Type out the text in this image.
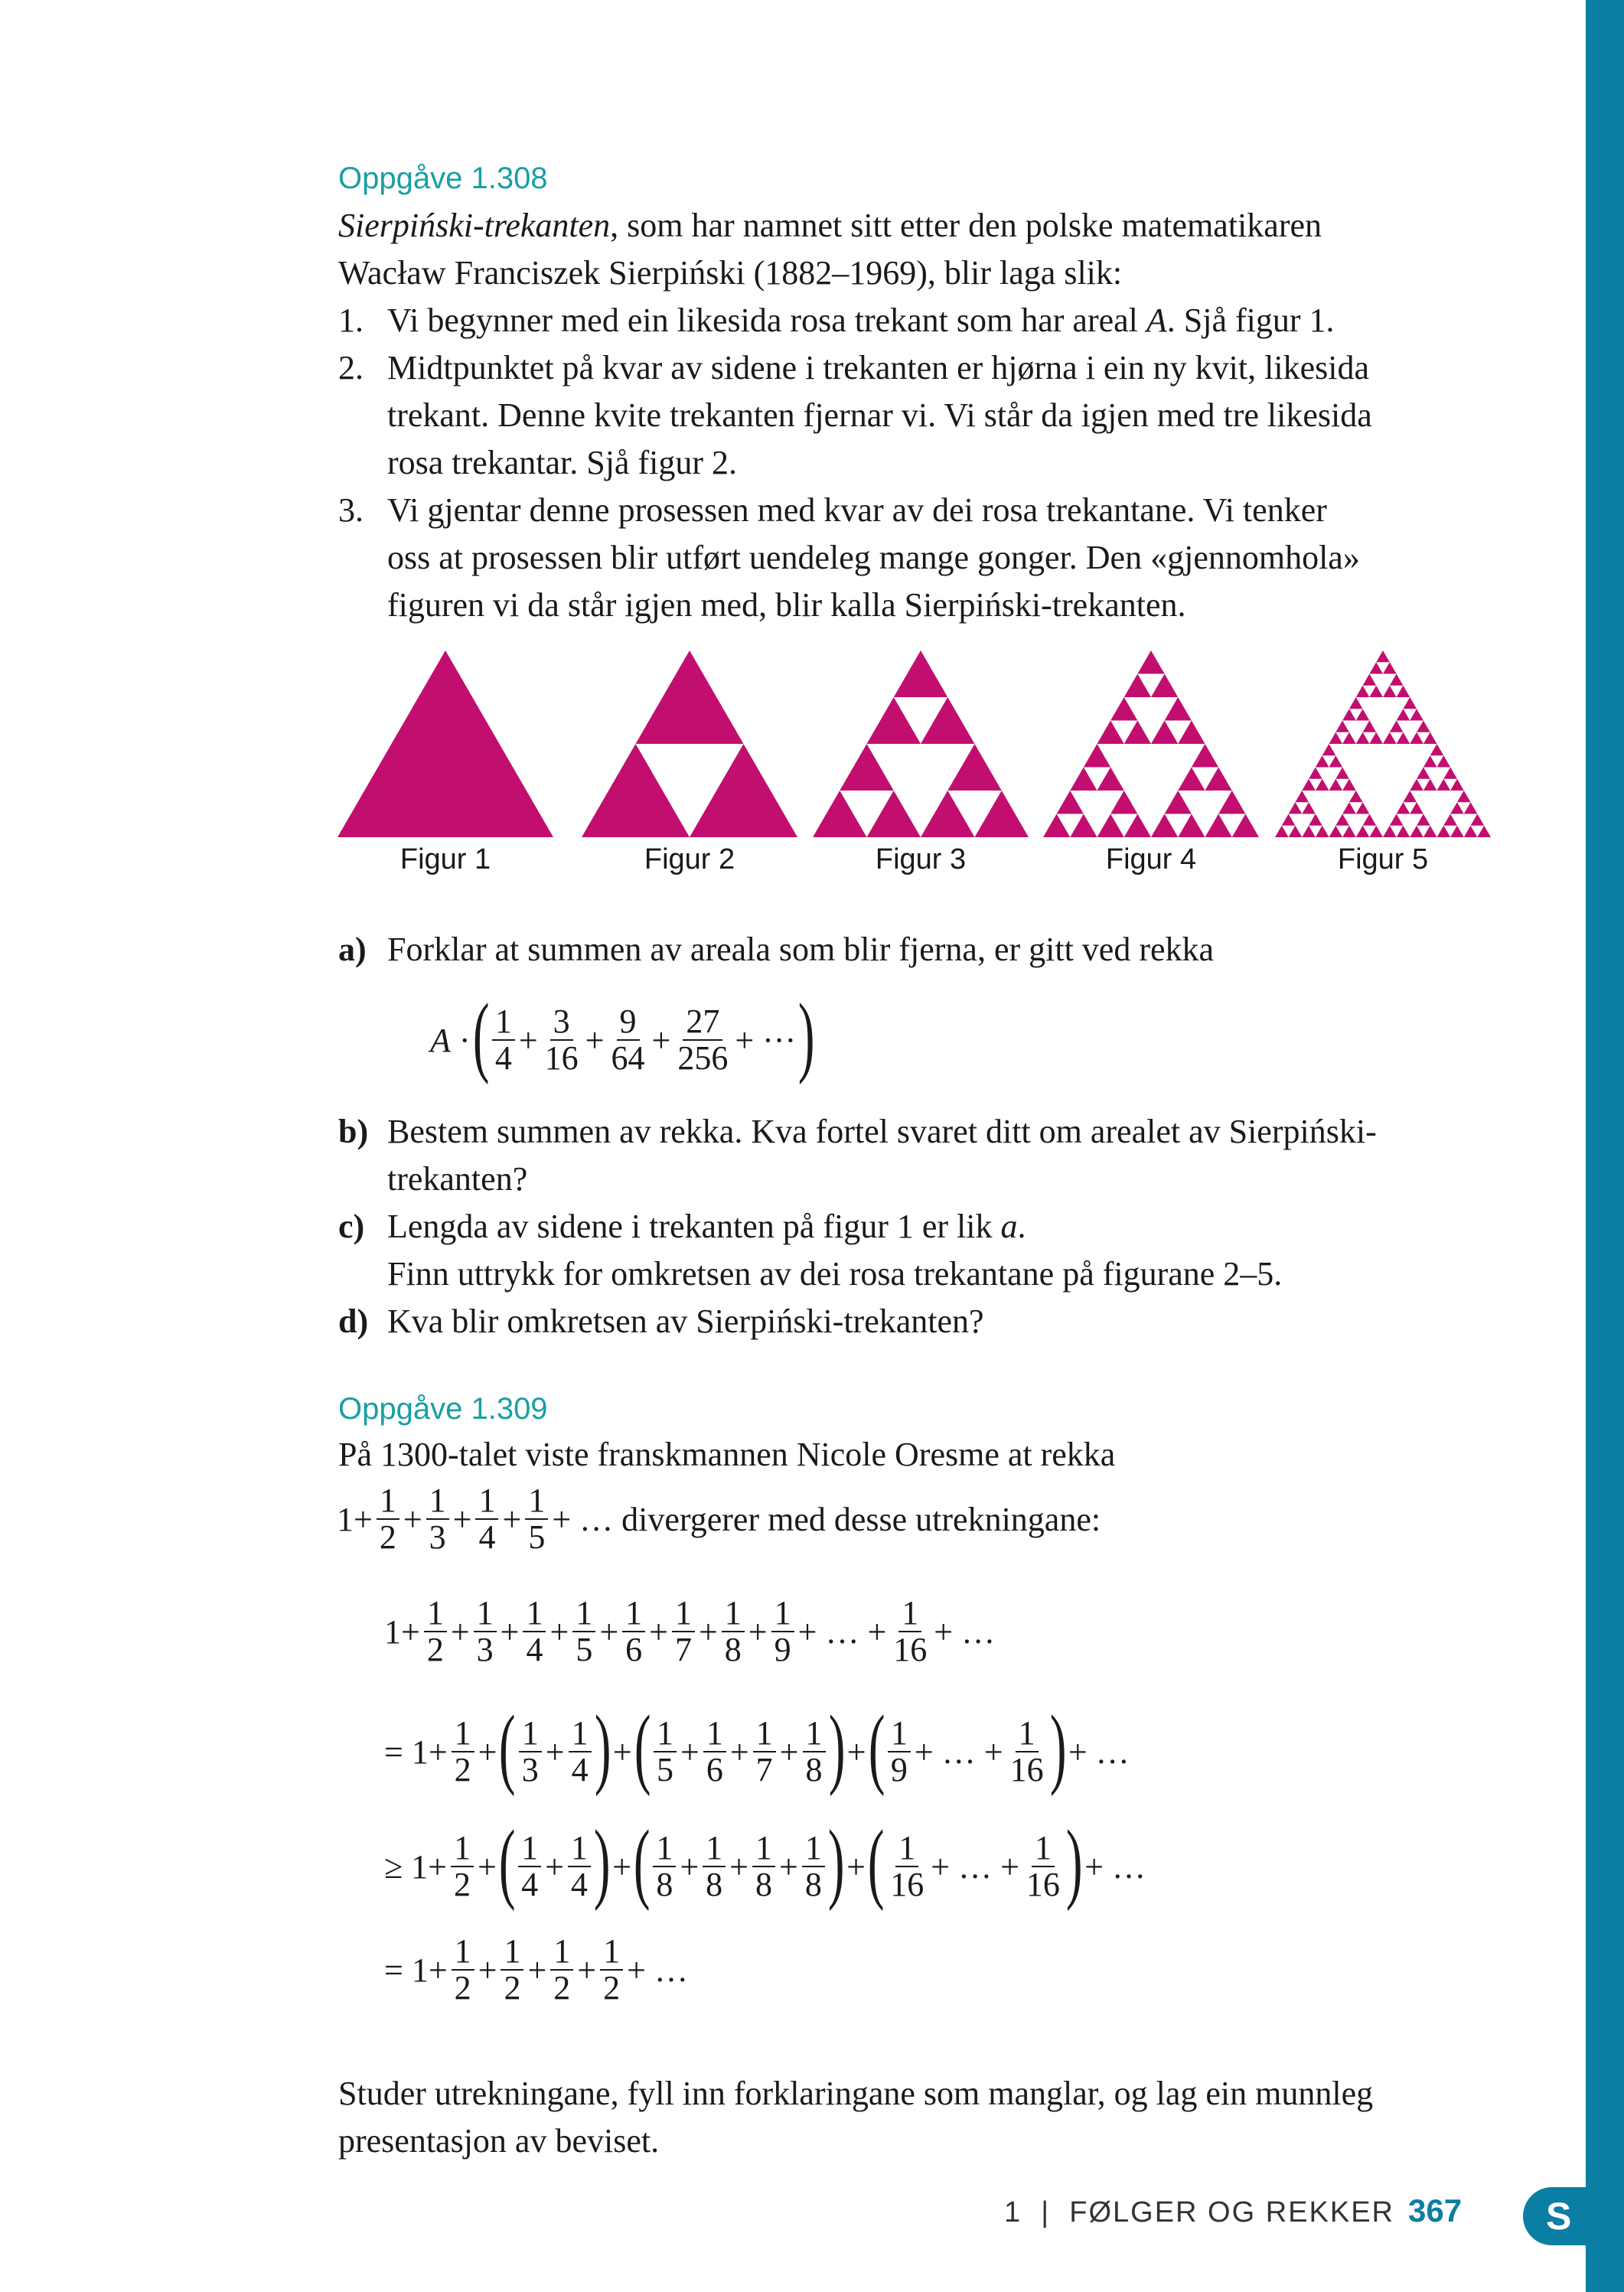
Oppgåve 1.308
Sierpiński-trekanten, som har namnet sitt etter den polske matematikaren
Wacław Franciszek Sierpiński (1882–1969), blir laga slik:
1. Vi begynner med ein likesida rosa trekant som har areal A. Sjå figur 1.
2. Midtpunktet på kvar av sidene i trekanten er hjørna i ein ny kvit, likesida
trekant. Denne kvite trekanten fjernar vi. Vi står da igjen med tre likesida
rosa trekantar. Sjå figur 2.
3. Vi gjentar denne prosessen med kvar av dei rosa trekantane. Vi tenker
oss at prosessen blir utført uendeleg mange gonger. Den «gjennomhola»
figuren vi da står igjen med, blir kalla Sierpiński-trekanten.
Figur 1	Figur 2	Figur 3	Figur 4	Figur 5
a) Forklar at summen av areala som blir fjerna, er gitt ved rekka
A · ( $\frac{1}{4} + \frac{3}{16} + \frac{9}{64} + \frac{27}{256}$ + ··· )
b) Bestem summen av rekka. Kva fortel svaret ditt om arealet av Sierpiński-
trekanten?
c) Lengda av sidene i trekanten på figur 1 er lik a.
Finn uttrykk for omkretsen av dei rosa trekantane på figurane 2–5.
d) Kva blir omkretsen av Sierpiński-trekanten?
Oppgåve 1.309
På 1300-talet viste franskmannen Nicole Oresme at rekka
$1+ \frac{1}{2} + \frac{1}{3} + \frac{1}{4} + \frac{1}{5}$ + … divergerer med desse utrekningane:
$1+ \frac{1}{2} + \frac{1}{3} + \frac{1}{4} + \frac{1}{5} + \frac{1}{6} + \frac{1}{7} + \frac{1}{8} + \frac{1}{9}$ + … + $\frac{1}{16}$ + …
= $1+ \frac{1}{2}$ + ( $\frac{1}{3} + \frac{1}{4}$ ) + ( $\frac{1}{5} + \frac{1}{6} + \frac{1}{7} + \frac{1}{8}$ ) + ( $\frac{1}{9}$ + … + $\frac{1}{16}$ ) + …
≥ $1+ \frac{1}{2}$ + ( $\frac{1}{4} + \frac{1}{4}$ ) + ( $\frac{1}{8} + \frac{1}{8} + \frac{1}{8} + \frac{1}{8}$ ) + ( $\frac{1}{16}$ + … + $\frac{1}{16}$ ) + …
= $1+ \frac{1}{2} + \frac{1}{2} + \frac{1}{2} + \frac{1}{2}$ + …
Studer utrekningane, fyll inn forklaringane som manglar, og lag ein munnleg
presentasjon av beviset.
1  |  FØLGER OG REKKER 367	S
